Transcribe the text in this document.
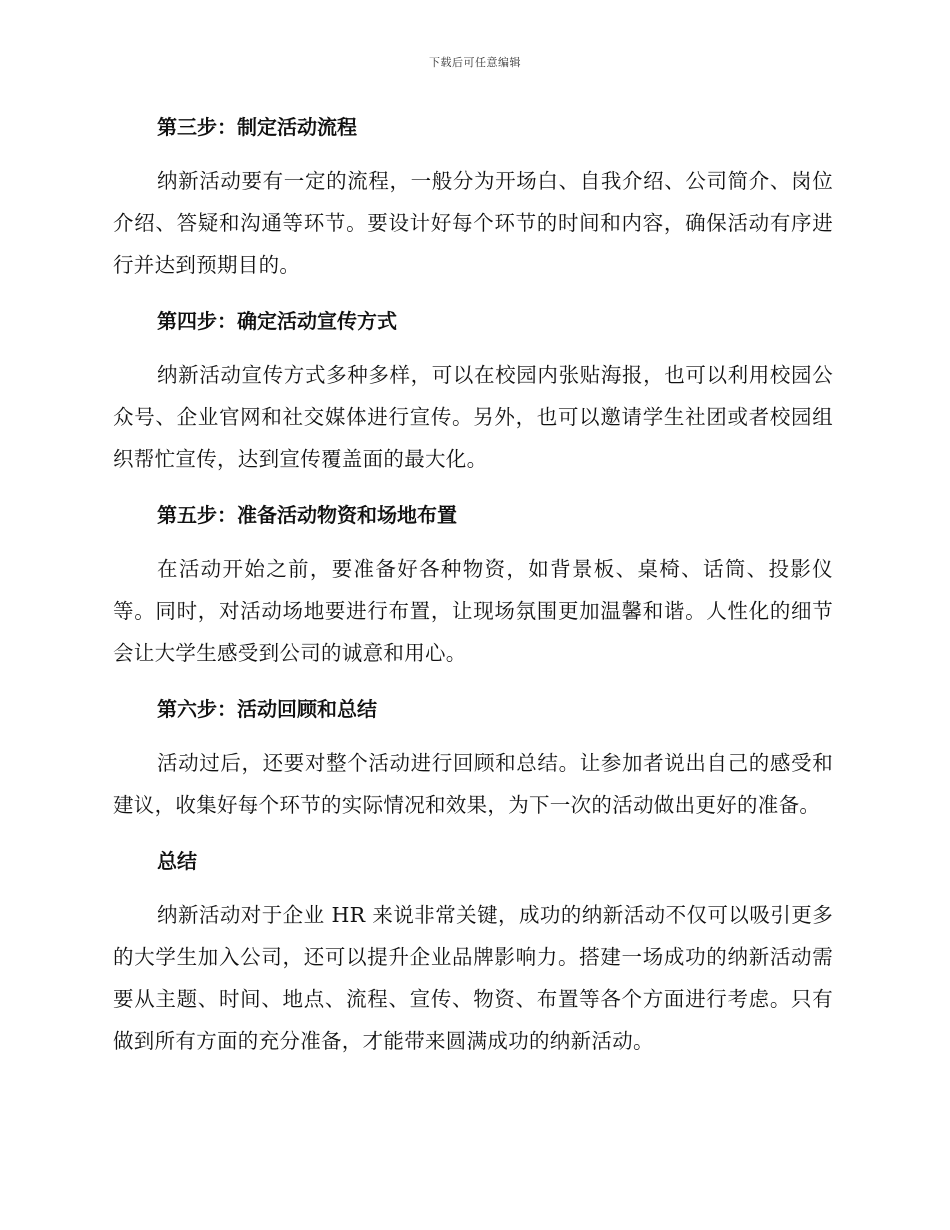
下载后可任意编辑
第三步：制定活动流程

纳新活动要有一定的流程，一般分为开场白、自我介绍、公司简介、岗位介绍、答疑和沟通等环节。要设计好每个环节的时间和内容，确保活动有序进行并达到预期目的。

第四步：确定活动宣传方式

纳新活动宣传方式多种多样，可以在校园内张贴海报，也可以利用校园公众号、企业官网和社交媒体进行宣传。另外，也可以邀请学生社团或者校园组织帮忙宣传，达到宣传覆盖面的最大化。

第五步：准备活动物资和场地布置

在活动开始之前，要准备好各种物资，如背景板、桌椅、话筒、投影仪等。同时，对活动场地要进行布置，让现场氛围更加温馨和谐。人性化的细节会让大学生感受到公司的诚意和用心。

第六步：活动回顾和总结

活动过后，还要对整个活动进行回顾和总结。让参加者说出自己的感受和建议，收集好每个环节的实际情况和效果，为下一次的活动做出更好的准备。

总结

纳新活动对于企业 HR 来说非常关键，成功的纳新活动不仅可以吸引更多的大学生加入公司，还可以提升企业品牌影响力。搭建一场成功的纳新活动需要从主题、时间、地点、流程、宣传、物资、布置等各个方面进行考虑。只有做到所有方面的充分准备，才能带来圆满成功的纳新活动。
